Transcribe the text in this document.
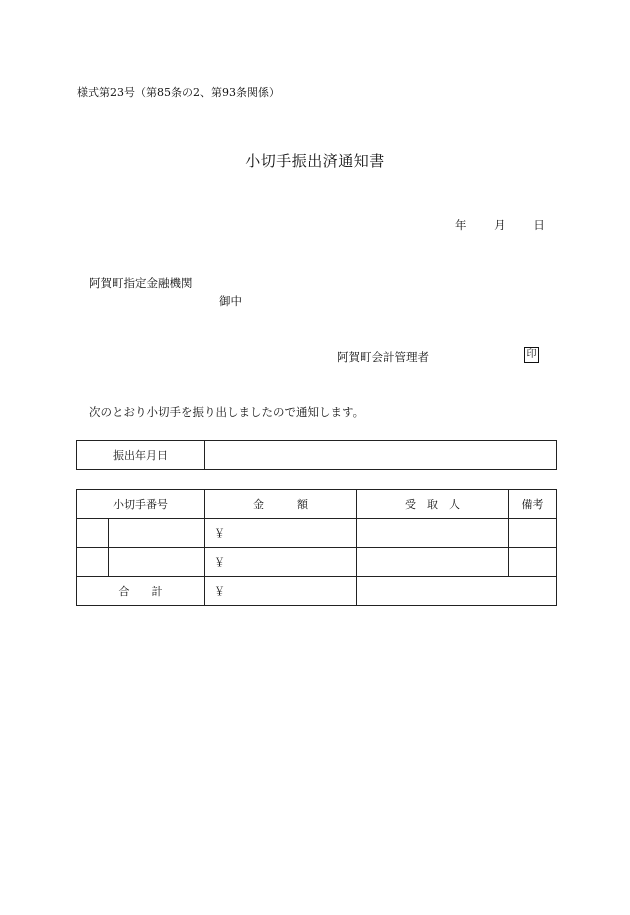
様式第23号（第85条の2、第93条関係）
小切手振出済通知書
年 月 日
阿賀町指定金融機関
御中
阿賀町会計管理者	印
次のとおり小切手を振り出しましたので通知します。
振出年月日	
小切手番号		金　　　額	受　取　人	備考
		￥		
		￥		
合　　計		￥		
